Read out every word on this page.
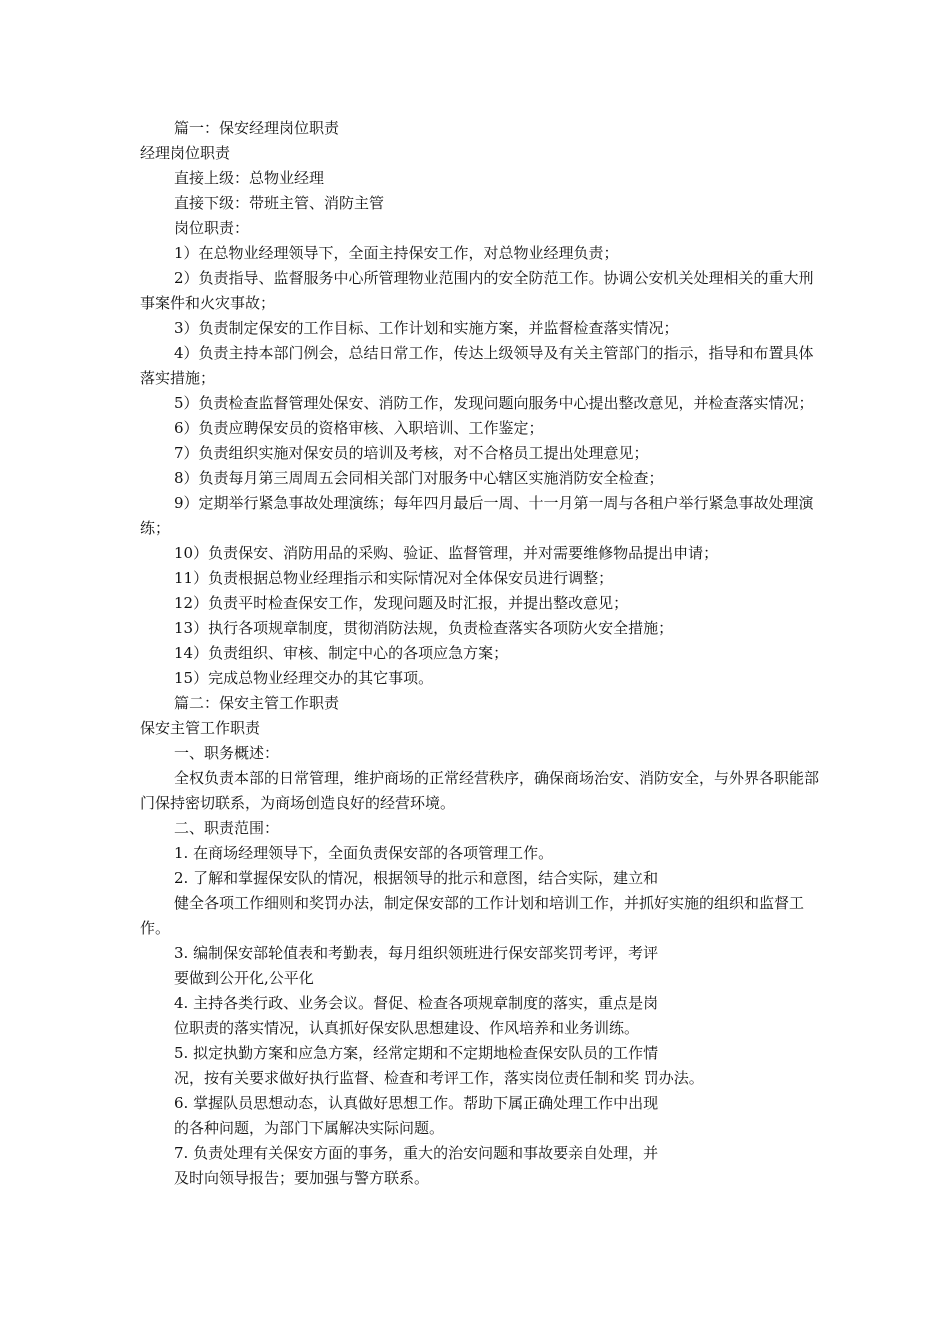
篇一：保安经理岗位职责
经理岗位职责
直接上级：总物业经理
直接下级：带班主管、消防主管
岗位职责：
1）在总物业经理领导下，全面主持保安工作，对总物业经理负责；
2）负责指导、监督服务中心所管理物业范围内的安全防范工作。协调公安机关处理相关的重大刑事案件和火灾事故；
3）负责制定保安的工作目标、工作计划和实施方案，并监督检查落实情况；
4）负责主持本部门例会，总结日常工作，传达上级领导及有关主管部门的指示，指导和布置具体落实措施；
5）负责检查监督管理处保安、消防工作，发现问题向服务中心提出整改意见，并检查落实情况；
6）负责应聘保安员的资格审核、入职培训、工作鉴定；
7）负责组织实施对保安员的培训及考核，对不合格员工提出处理意见；
8）负责每月第三周周五会同相关部门对服务中心辖区实施消防安全检查；
9）定期举行紧急事故处理演练；每年四月最后一周、十一月第一周与各租户举行紧急事故处理演练；
10）负责保安、消防用品的采购、验证、监督管理，并对需要维修物品提出申请；
11）负责根据总物业经理指示和实际情况对全体保安员进行调整；
12）负责平时检查保安工作，发现问题及时汇报，并提出整改意见；
13）执行各项规章制度，贯彻消防法规，负责检查落实各项防火安全措施；
14）负责组织、审核、制定中心的各项应急方案；
15）完成总物业经理交办的其它事项。
篇二：保安主管工作职责
保安主管工作职责
一、职务概述：
全权负责本部的日常管理，维护商场的正常经营秩序，确保商场治安、消防安全，与外界各职能部门保持密切联系，为商场创造良好的经营环境。
二、职责范围：
1. 在商场经理领导下，全面负责保安部的各项管理工作。
2. 了解和掌握保安队的情况，根据领导的批示和意图，结合实际，建立和
健全各项工作细则和奖罚办法，制定保安部的工作计划和培训工作，并抓好实施的组织和监督工作。
3. 编制保安部轮值表和考勤表，每月组织领班进行保安部奖罚考评，考评
要做到公开化,公平化
4. 主持各类行政、业务会议。督促、检查各项规章制度的落实，重点是岗
位职责的落实情况，认真抓好保安队思想建设、作风培养和业务训练。
5. 拟定执勤方案和应急方案，经常定期和不定期地检查保安队员的工作情
况，按有关要求做好执行监督、检查和考评工作，落实岗位责任制和奖 罚办法。
6. 掌握队员思想动态，认真做好思想工作。帮助下属正确处理工作中出现
的各种问题，为部门下属解决实际问题。
7. 负责处理有关保安方面的事务，重大的治安问题和事故要亲自处理，并
及时向领导报告；要加强与警方联系。
